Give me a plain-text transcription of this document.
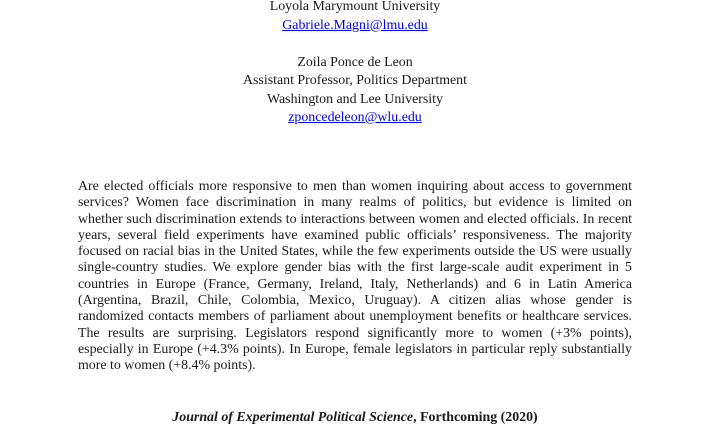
Loyola Marymount University
Gabriele.Magni@lmu.edu
Zoila Ponce de Leon
Assistant Professor, Politics Department
Washington and Lee University
zponcedeleon@wlu.edu
Are elected officials more responsive to men than women inquiring about access to government services? Women face discrimination in many realms of politics, but evidence is limited on whether such discrimination extends to interactions between women and elected officials. In recent years, several field experiments have examined public officials’ responsiveness. The majority focused on racial bias in the United States, while the few experiments outside the US were usually single-country studies. We explore gender bias with the first large-scale audit experiment in 5 countries in Europe (France, Germany, Ireland, Italy, Netherlands) and 6 in Latin America (Argentina, Brazil, Chile, Colombia, Mexico, Uruguay). A citizen alias whose gender is randomized contacts members of parliament about unemployment benefits or healthcare services. The results are surprising. Legislators respond significantly more to women (+3% points), especially in Europe (+4.3% points). In Europe, female legislators in particular reply substantially more to women (+8.4% points).
Journal of Experimental Political Science, Forthcoming (2020)
